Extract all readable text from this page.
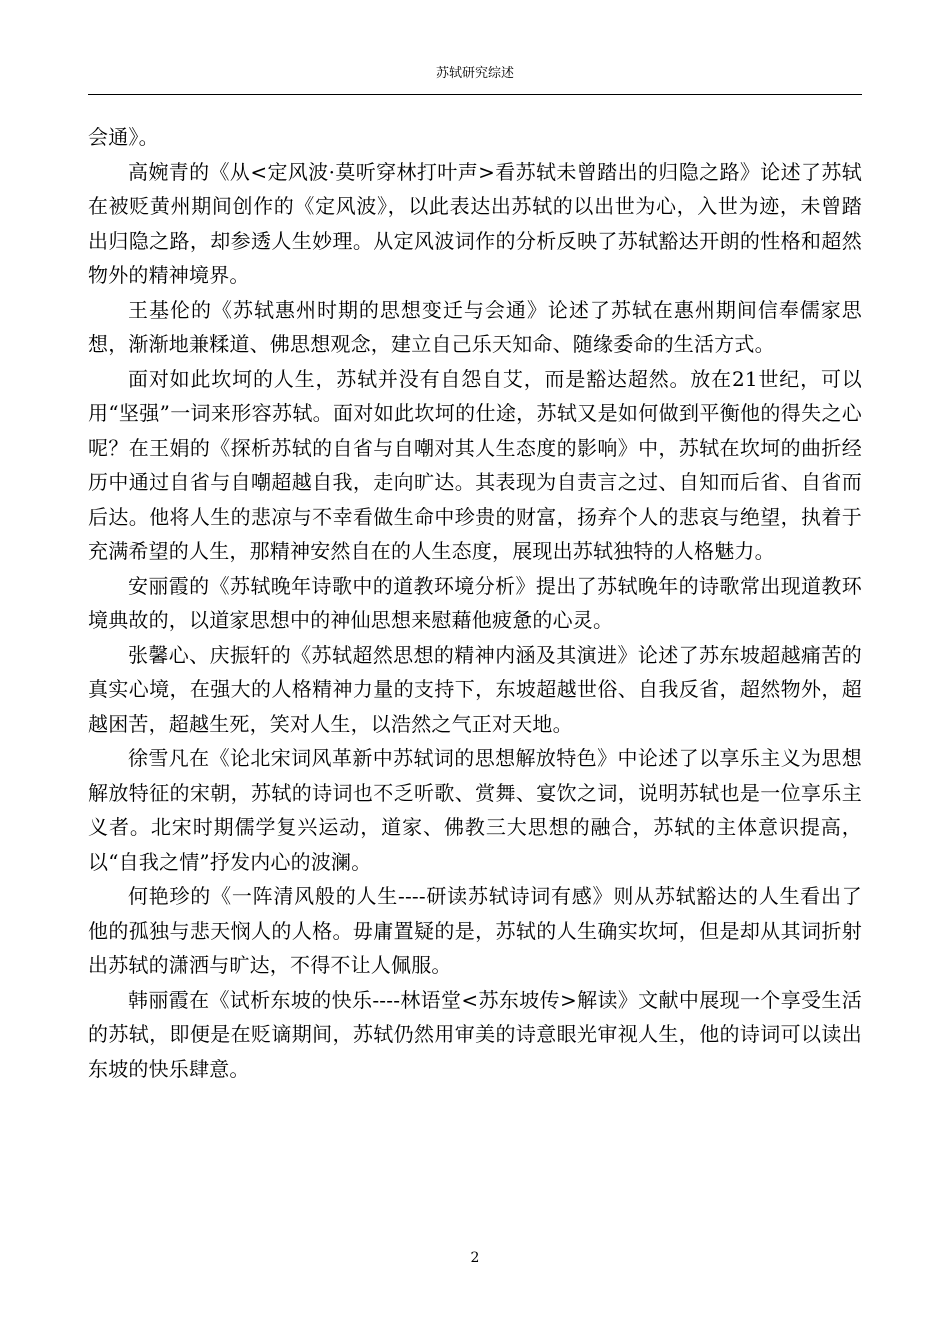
苏轼研究综述

会通》。

高婉青的《从<定风波·莫听穿林打叶声>看苏轼未曾踏出的归隐之路》论述了苏轼在被贬黄州期间创作的《定风波》，以此表达出苏轼的以出世为心，入世为迹，未曾踏出归隐之路，却参透人生妙理。从定风波词作的分析反映了苏轼豁达开朗的性格和超然物外的精神境界。

王基伦的《苏轼惠州时期的思想变迁与会通》论述了苏轼在惠州期间信奉儒家思想，渐渐地兼糅道、佛思想观念，建立自己乐天知命、随缘委命的生活方式。

面对如此坎坷的人生，苏轼并没有自怨自艾，而是豁达超然。放在21世纪，可以用“坚强”一词来形容苏轼。面对如此坎坷的仕途，苏轼又是如何做到平衡他的得失之心呢？在王娟的《探析苏轼的自省与自嘲对其人生态度的影响》中，苏轼在坎坷的曲折经历中通过自省与自嘲超越自我，走向旷达。其表现为自责言之过、自知而后省、自省而后达。他将人生的悲凉与不幸看做生命中珍贵的财富，扬弃个人的悲哀与绝望，执着于充满希望的人生，那精神安然自在的人生态度，展现出苏轼独特的人格魅力。

安丽霞的《苏轼晚年诗歌中的道教环境分析》提出了苏轼晚年的诗歌常出现道教环境典故的，以道家思想中的神仙思想来慰藉他疲惫的心灵。

张馨心、庆振轩的《苏轼超然思想的精神内涵及其演进》论述了苏东坡超越痛苦的真实心境，在强大的人格精神力量的支持下，东坡超越世俗、自我反省，超然物外，超越困苦，超越生死，笑对人生，以浩然之气正对天地。

徐雪凡在《论北宋词风革新中苏轼词的思想解放特色》中论述了以享乐主义为思想解放特征的宋朝，苏轼的诗词也不乏听歌、赏舞、宴饮之词，说明苏轼也是一位享乐主义者。北宋时期儒学复兴运动，道家、佛教三大思想的融合，苏轼的主体意识提高，以“自我之情”抒发内心的波澜。

何艳珍的《一阵清风般的人生----研读苏轼诗词有感》则从苏轼豁达的人生看出了他的孤独与悲天悯人的人格。毋庸置疑的是，苏轼的人生确实坎坷，但是却从其词折射出苏轼的潇洒与旷达，不得不让人佩服。

韩丽霞在《试析东坡的快乐----林语堂<苏东坡传>解读》文献中展现一个享受生活的苏轼，即便是在贬谪期间，苏轼仍然用审美的诗意眼光审视人生，他的诗词可以读出东坡的快乐肆意。

2
